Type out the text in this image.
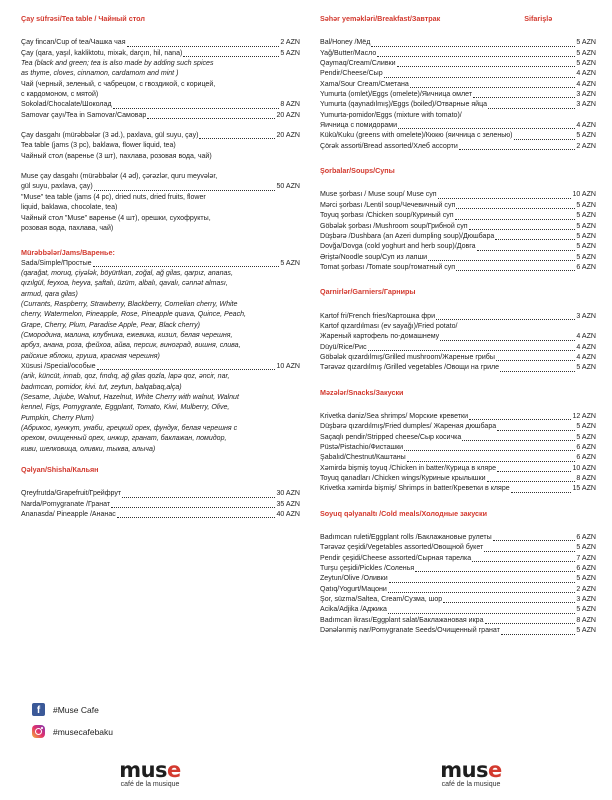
Çay süfrəsi/Tea table / Чайный стол
Çay fincan/Cup of tea/Чашка чая	2 AZN
Çay (qara, yaşıl, kakliktotu, mixək, darçın, hil, nana)	5 AZN
Tea (black and green; tea is also made by adding such spices
as thyme, cloves, cinnamon, cardamom and mint )
Чай (черный, зеленый, с чабрецом, с гвоздикой, с корицей,
с кардомоном, с мятой)
Sokolad/Chocalate/Шоколад	8 AZN
Samovar çayı/Tea in Samovar/Самовар	20 AZN
Çay dasgahı (mürəbbələr (3 əd.), paxlava, gül suyu, çay)	20 AZN
Tea table (jams (3 pc), baklawa, flower liquid, tea)
Чайный стол (варенье (3 шт), пахлава, розовая вода, чай)
Muse çay dasgahı (mürəbbələr (4 əd), çərəzlər, quru meyvələr,
gül suyu, paxlava, çay)	50 AZN
"Muse" tea table (jams (4 pc), dried nuts, dried fruits, flower
liquid, baklawa, chocolate, tea)
Чайный стол "Muse" варенье (4 шт), орешки, сухофрукты,
розовая вода, пахлава, чай)
Mürəbbələr/Jams/Варенье:
Sada/Simple/Простые	5 AZN
(qarağat, moruq, çiyələk, böyürtkan, zoğal, ağ gilas, qarpız, ananas,
qızılgül, feyxoa, heyva, şaftalı, üzüm, albalı, qavalı, cənnət alması,
armud, qara gilas)
(Currants, Raspberry, Strawberry, Blackberry, Cornelian cherry, White
cherry, Watermelon, Pineapple, Rose, Pineapple quava, Quince, Peach,
Grape, Cherry, Plum, Paradise Apple, Pear, Black cherry)
(Смородина, малина, клубника, ежевика, кизил, белая черешня,
арбуз, анана, роза, фейхоа, айва, персик, виноград, вишня, слива,
райские яблоки, груша, красная черешня)
Xüsusi /Special/особые	10 AZN
(arik, küncüt, innab, qoz, fındıq, ağ gilas qozla, lapə qoz, əncir, nar,
badımcan, pomidor, kivi. tut, zeytun, balqabaq,alça)
(Sesame, Jujube, Walnut, Hazelnut, White Cherry with walnut, Walnut
kennel, Figs, Pomygrante, Eggplant, Tomato, Kiwi, Mulberry, Olive,
Pumpkin, Cherry Plum)
(Абрикос, кунжут, унаби, грецкий орех, фундук, белая черешня с
орехом, очищенный орех, инжир, гранат, баклажан, помидор,
киви, шелковица, оливки, тыква, алыча)
Qəlyan/Shisha/Кальян
Qreyfrutda/Grapefruit/Грейфрут	30 AZN
Narda/Pomygranate /Гранат	35 AZN
Ananasda/ Pineapple /Ананас	40 AZN
f	#Muse Cafe
#musecafebaku
muse
café de la musique
muse
café de la musique
Səhər yeməkləri/Breakfast/Завтрак	Sifarişlə
Bal/Honey /Мёд	5 AZN
Yağ/Butter/Масло	5 AZN
Qaymaq/Cream/Сливки	5 AZN
Pendir/Cheese/Сыр	4 AZN
Xama/Sour Cream/Сметана	4 AZN
Yumurta (omlet)/Eggs (omelete)/Яичница омлет	3 AZN
Yumurta (qaynadılmış)/Eggs (boiled)/Отварные яйца	3 AZN
Yumurta-pomidor/Eggs (mixture with tomato)/
Яичница с помидорами	4 AZN
Kükü/Kuku (greens with omelete)/Кюкю (яичница с зеленью)	5 AZN
Çörək assorti/Bread assorted/Хлеб ассорти	2 AZN
Şorbalar/Soups/Супы
Muse şorbası / Muse soup/ Muse суп	10 AZN
Mərci şorbası /Lentil soup/Чечевичный суп	5 AZN
Toyuq şorbası /Chicken soup/Куриный суп	5 AZN
Göbələk şorbası /Mushroom soup/Грибной суп	5 AZN
Düşbərə /Dushbara (an Azeri dumpling soup)/Дюшбара	5 AZN
Dovğa/Dovga (cold yoghurt and herb soup)/Довга	5 AZN
Əriştə/Noodle soup/Суп из лапши	5 AZN
Tomat şorbası /Tomate soup/томатный суп	6 AZN
Qarnirlər/Garniers/Гарниры
Kartof fri/French fries/Картошка фри	3 AZN
Kartof qızardılması (ev sayağı)/Fried potato/
Жареный картофель по-домашнему	4 AZN
Düyü/Rice/Рис	4 AZN
Göbələk qızardılmış/Grilled mushroom/Жареные грибы	4 AZN
Tərəvəz qızardılmış /Grilled vegetables /Овощи на гриле	5 AZN
Məzələr/Snacks/Закуски
Krivetka dəniz/Sea shrimps/ Морские креветки	12 AZN
Düşbərə qızardılmış/Fried dumples/ Жареная дюшбара	5 AZN
Saçaqlı pendir/Stripped cheese/Сыр косичка	5 AZN
Püstə/Pistachio/Фисташки	6 AZN
Şabalıd/Chestnut/Каштаны	6 AZN
Xəmirdə bişmiş toyuq /Chicken in batter/Курица в кляре	10 AZN
Toyuq qanadları /Chicken wings/Куриные крылышки	8 AZN
Krivetka xəmirdə bişmiş/ Shrimps in batter/Креветки в кляре	15 AZN
Soyuq qəlyanaltı /Cold meals/Холодные закуски
Badımcan ruleti/Eggplant rolls /Баклажановые рулеты	6 AZN
Tərəvəz çeşidi/Vegetables assorted/Овощной букет	5 AZN
Pendir çeşidi/Cheese assorted/Сырная тарелка	7 AZN
Turşu çeşidi/Pickles /Соленья	6 AZN
Zeytun/Olive /Оливки	5 AZN
Qatıq/Yogurt/Мацони	2 AZN
Şor, süzma/Saltea, Cream/Сузма, шор	3 AZN
Acika/Adjika /Аджика	5 AZN
Badımcan ikrası/Eggplant salat/Баклажановая икра	8 AZN
Dənələnmiş nar/Pomygranate Seeds/Очищенный гранат	5 AZN
